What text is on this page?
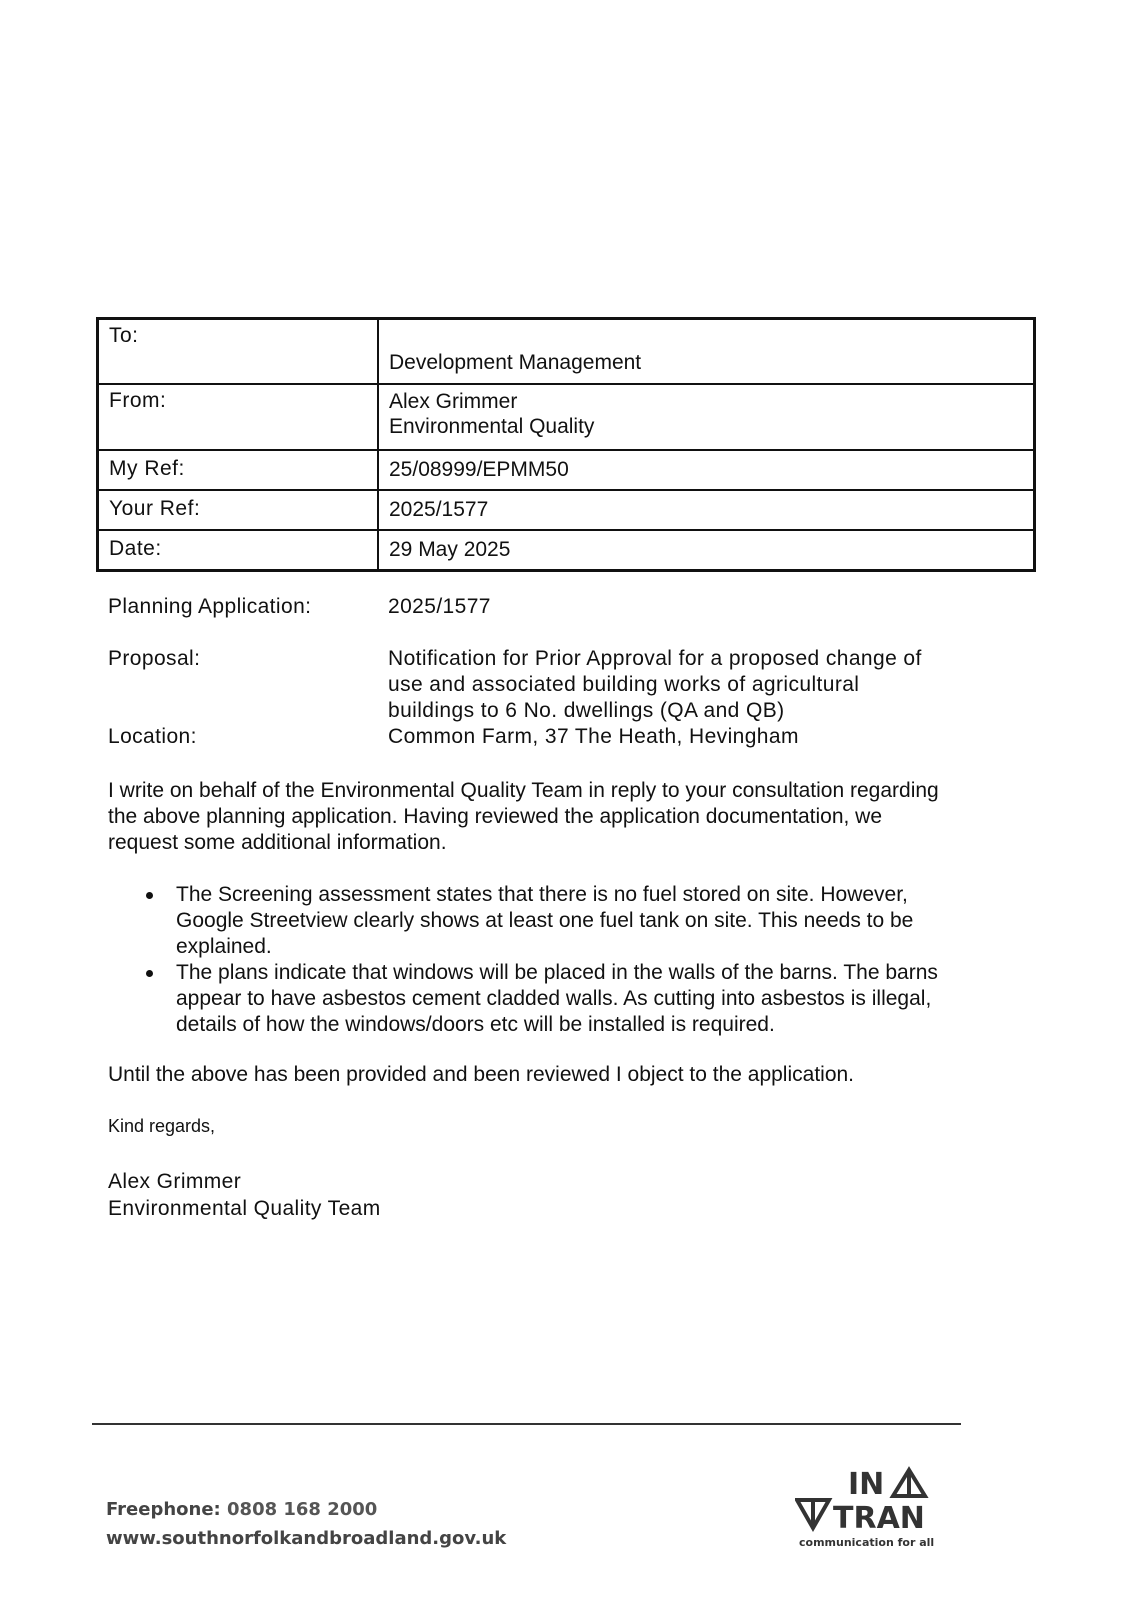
To:
Development Management
From:	Alex Grimmer
Environmental Quality
My Ref:	25/08999/EPMM50
Your Ref:	2025/1577
Date:	29 May 2025
Planning Application:	2025/1577
Proposal:	Notification for Prior Approval for a proposed change of
use and associated building works of agricultural
buildings to 6 No. dwellings (QA and QB)
Location:	Common Farm, 37 The Heath, Hevingham
I write on behalf of the Environmental Quality Team in reply to your consultation regarding
the above planning application. Having reviewed the application documentation, we
request some additional information.
The Screening assessment states that there is no fuel stored on site. However,
Google Streetview clearly shows at least one fuel tank on site. This needs to be
explained.
The plans indicate that windows will be placed in the walls of the barns. The barns
appear to have asbestos cement cladded walls. As cutting into asbestos is illegal,
details of how the windows/doors etc will be installed is required.
Until the above has been provided and been reviewed I object to the application.
Kind regards,
Alex Grimmer
Environmental Quality Team
Freephone: 0808 168 2000
www.southnorfolkandbroadland.gov.uk
IN
TRAN
communication for all
